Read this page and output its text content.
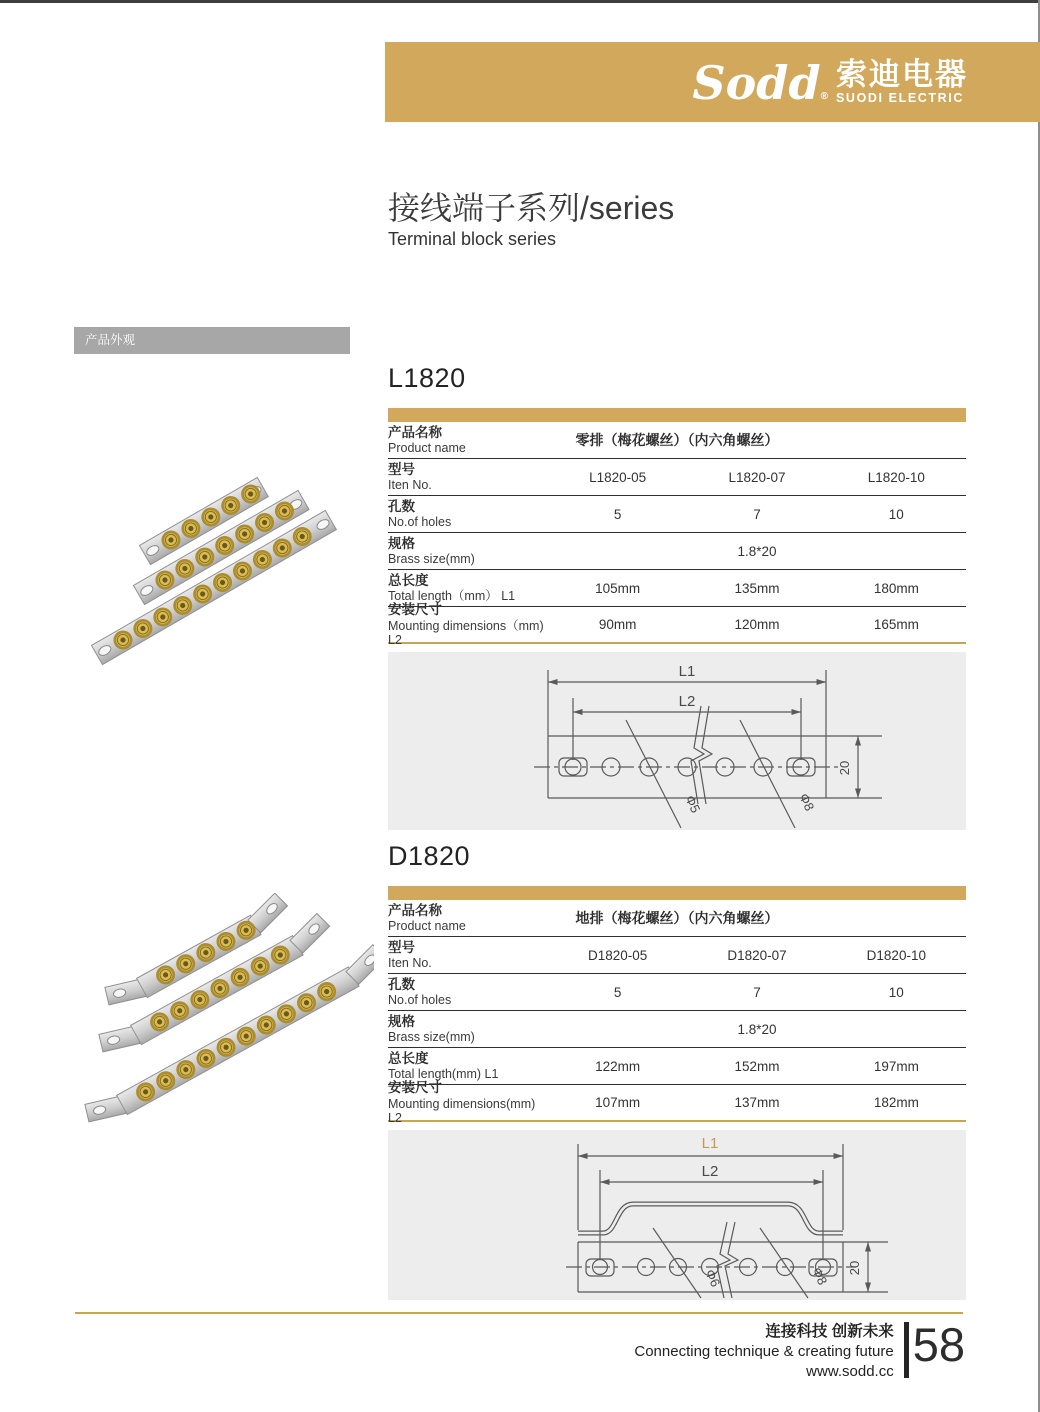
Sodd®
索迪电器
SUODI ELECTRIC
接线端子系列/series
Terminal block series
产品外观
L1820
产品名称
Product name	零排（梅花螺丝）（内六角螺丝）
型号
Iten No.
L1820-05	L1820-07	L1820-10
孔数
No.of holes
5	7	10
规格
Brass size(mm)
1.8*20
总长度
Total length（mm） L1
105mm	135mm	180mm
安装尺寸
Mounting dimensions（mm) L2
90mm	120mm	165mm
L1
L2
20
Φ5	Φ8
D1820
产品名称
Product name	地排（梅花螺丝）（内六角螺丝）
型号
Iten No.
D1820-05	D1820-07	D1820-10
孔数
No.of holes
5	7	10
规格
Brass size(mm)
1.8*20
总长度
Total length(mm) L1
122mm	152mm	197mm
安装尺寸
Mounting dimensions(mm) L2
107mm	137mm	182mm
L1
L2
20
Φ6	Φ8
连接科技 创新未来
Connecting technique & creating future
www.sodd.cc
58
